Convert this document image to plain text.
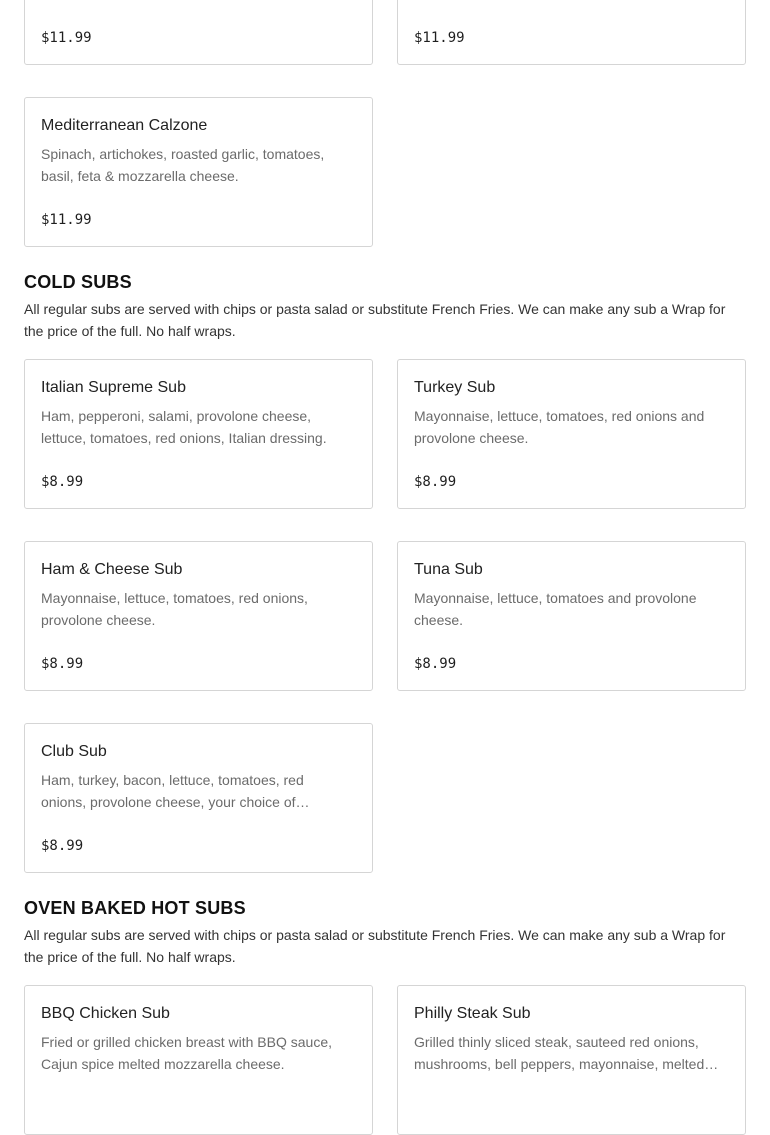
$11.99	$11.99
Mediterranean Calzone
Spinach, artichokes, roasted garlic, tomatoes, basil, feta & mozzarella cheese.
$11.99
COLD SUBS

All regular subs are served with chips or pasta salad or substitute French Fries. We can make any sub a Wrap for the price of the full. No half wraps.

Italian Supreme Sub
Ham, pepperoni, salami, provolone cheese, lettuce, tomatoes, red onions, Italian dressing.
$8.99
Turkey Sub
Mayonnaise, lettuce, tomatoes, red onions and provolone cheese.
$8.99
Ham & Cheese Sub
Mayonnaise, lettuce, tomatoes, red onions, provolone cheese.
$8.99
Tuna Sub
Mayonnaise, lettuce, tomatoes and provolone cheese.
$8.99
Club Sub
Ham, turkey, bacon, lettuce, tomatoes, red onions, provolone cheese, your choice of…
$8.99
OVEN BAKED HOT SUBS

All regular subs are served with chips or pasta salad or substitute French Fries. We can make any sub a Wrap for the price of the full. No half wraps.

BBQ Chicken Sub
Fried or grilled chicken breast with BBQ sauce, Cajun spice melted mozzarella cheese.
Philly Steak Sub
Grilled thinly sliced steak, sauteed red onions, mushrooms, bell peppers, mayonnaise, melted…
